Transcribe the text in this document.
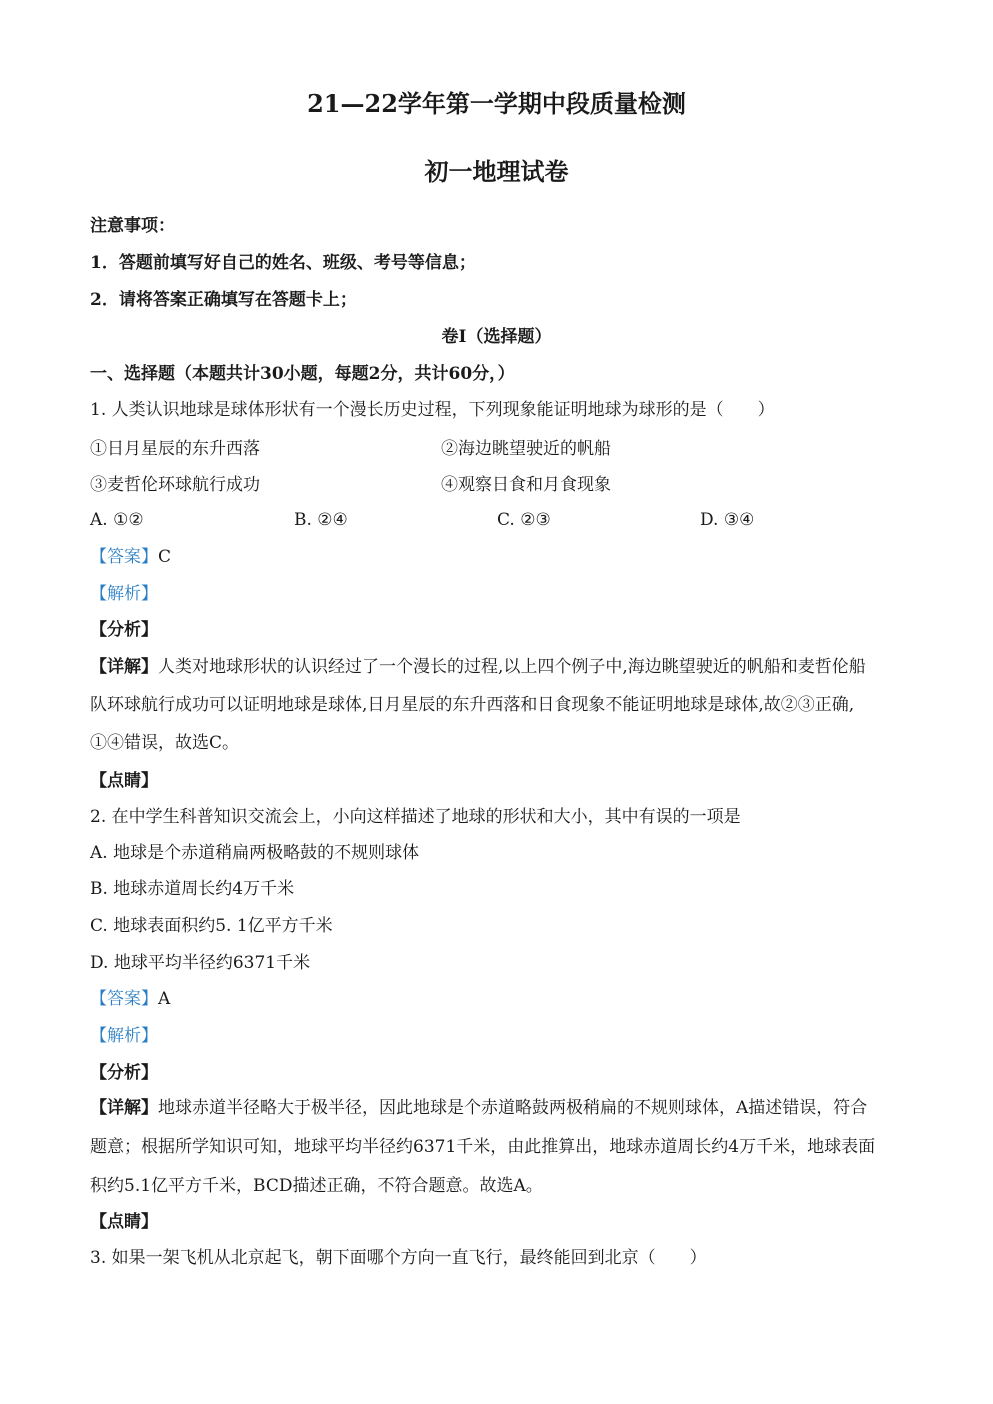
21—22学年第一学期中段质量检测
初一地理试卷
注意事项：
1．答题前填写好自己的姓名、班级、考号等信息；
2．请将答案正确填写在答题卡上；
卷I（选择题）
一、选择题（本题共计30小题，每题2分，共计60分，）
1. 人类认识地球是球体形状有一个漫长历史过程，下列现象能证明地球为球形的是（　　）
①日月星辰的东升西落	②海边眺望驶近的帆船
③麦哲伦环球航行成功	④观察日食和月食现象
A. ①②	B. ②④	C. ②③	D. ③④
【答案】C
【解析】
【分析】
【详解】人类对地球形状的认识经过了一个漫长的过程,以上四个例子中,海边眺望驶近的帆船和麦哲伦船
队环球航行成功可以证明地球是球体,日月星辰的东升西落和日食现象不能证明地球是球体,故②③正确,
①④错误，故选C。
【点睛】
2. 在中学生科普知识交流会上，小向这样描述了地球的形状和大小，其中有误的一项是
A. 地球是个赤道稍扁两极略鼓的不规则球体
B. 地球赤道周长约4万千米
C. 地球表面积约5. 1亿平方千米
D. 地球平均半径约6371千米
【答案】A
【解析】
【分析】
【详解】地球赤道半径略大于极半径，因此地球是个赤道略鼓两极稍扁的不规则球体，A描述错误，符合
题意；根据所学知识可知，地球平均半径约6371千米，由此推算出，地球赤道周长约4万千米，地球表面
积约5.1亿平方千米，BCD描述正确，不符合题意。故选A。
【点睛】
3. 如果一架飞机从北京起飞，朝下面哪个方向一直飞行，最终能回到北京（　　）
